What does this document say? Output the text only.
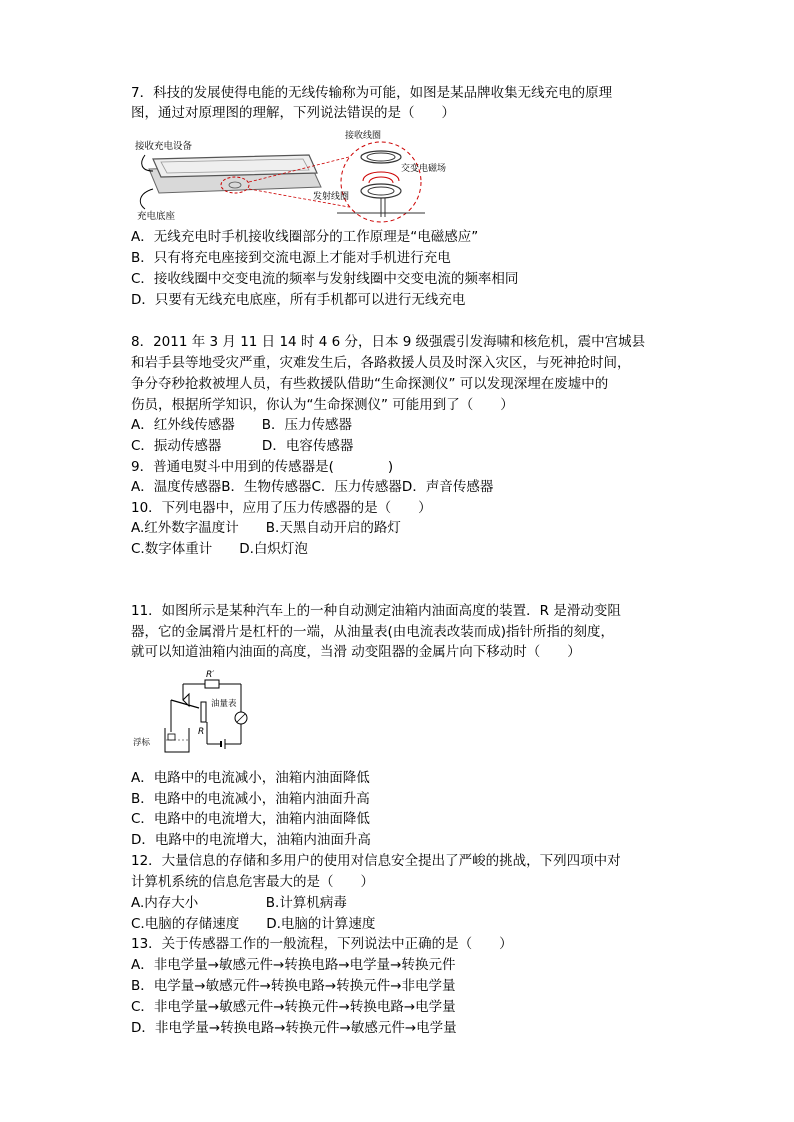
7．科技的发展使得电能的无线传输称为可能，如图是某品牌收集无线充电的原理
图，通过对原理图的理解，下列说法错误的是（　　）
接收充电设备
充电底座
接收线圈
交变电磁场
发射线圈
A．无线充电时手机接收线圈部分的工作原理是“电磁感应”
B．只有将充电座接到交流电源上才能对手机进行充电
C．接收线圈中交变电流的频率与发射线圈中交变电流的频率相同
D．只要有无线充电底座，所有手机都可以进行无线充电
8．2011 年 3 月 11 日 14 时 4 6 分，日本 9 级强震引发海啸和核危机，震中宫城县
和岩手县等地受灾严重，灾难发生后，各路救援人员及时深入灾区，与死神抢时间，
争分夺秒抢救被埋人员，有些救援队借助“生命探测仪” 可以发现深埋在废墟中的
伤员，根据所学知识，你认为“生命探测仪” 可能用到了（　　）
A．红外线传感器　　B．压力传感器
C．振动传感器　　　D．电容传感器
9．普通电熨斗中用到的传感器是(　　　　)
A．温度传感器B．生物传感器C．压力传感器D．声音传感器
10．下列电器中，应用了压力传感器的是（　　）
A.红外数字温度计　　B.天黑自动开启的路灯
C.数字体重计　　D.白炽灯泡
11．如图所示是某种汽车上的一种自动测定油箱内油面高度的装置．R 是滑动变阻
器，它的金属滑片是杠杆的一端，从油量表(由电流表改装而成)指针所指的刻度，
就可以知道油箱内油面的高度，当滑 动变阻器的金属片向下移动时（　　）
R′
R
油量表
浮标
A．电路中的电流减小，油箱内油面降低
B．电路中的电流减小，油箱内油面升高
C．电路中的电流增大，油箱内油面降低
D．电路中的电流增大，油箱内油面升高
12．大量信息的存储和多用户的使用对信息安全提出了严峻的挑战，下列四项中对
计算机系统的信息危害最大的是（　　）
A.内存大小　　　　　B.计算机病毒
C.电脑的存储速度　　D.电脑的计算速度
13．关于传感器工作的一般流程，下列说法中正确的是（　　）
A．非电学量→敏感元件→转换电路→电学量→转换元件
B．电学量→敏感元件→转换电路→转换元件→非电学量
C．非电学量→敏感元件→转换元件→转换电路→电学量
D．非电学量→转换电路→转换元件→敏感元件→电学量
